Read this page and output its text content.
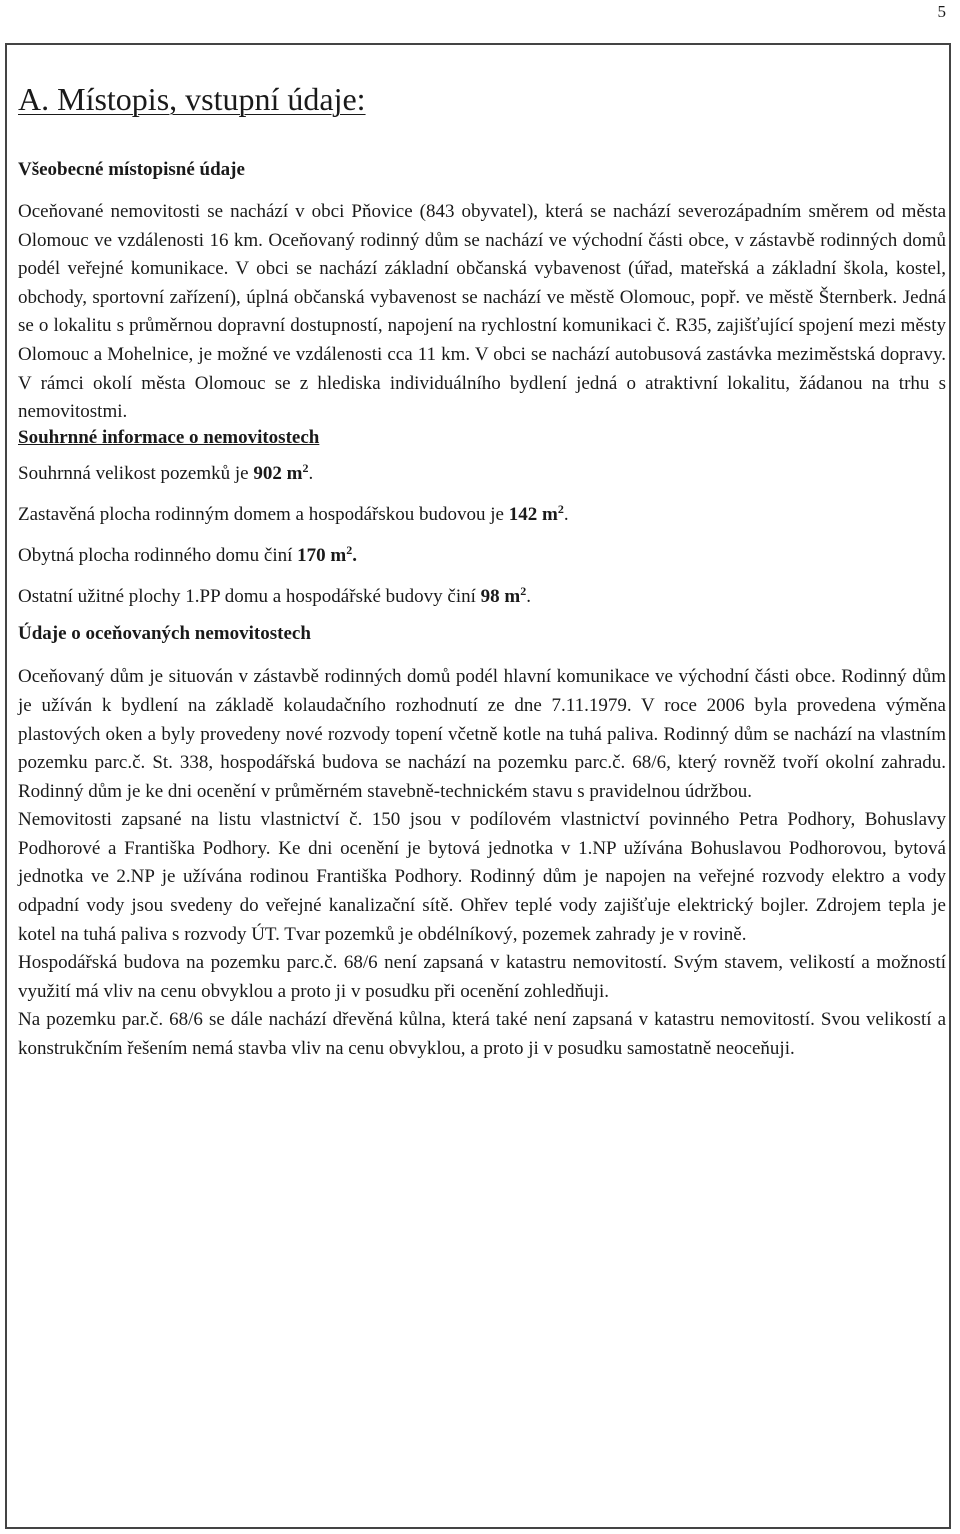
5
A. Místopis, vstupní údaje:
Všeobecné místopisné údaje

Oceňované nemovitosti se nachází v obci Pňovice (843 obyvatel), která se nachází severozápadním směrem od města Olomouc ve vzdálenosti 16 km. Oceňovaný rodinný dům se nachází ve východní části obce, v zástavbě rodinných domů podél veřejné komunikace. V obci se nachází základní občanská vybavenost (úřad, mateřská a základní škola, kostel, obchody, sportovní zařízení), úplná občanská vybavenost se nachází ve městě Olomouc, popř. ve městě Šternberk. Jedná se o lokalitu s průměrnou dopravní dostupností, napojení na rychlostní komunikaci č. R35, zajišťující spojení mezi městy Olomouc a Mohelnice, je možné ve vzdálenosti cca 11 km. V obci se nachází autobusová zastávka meziměstská dopravy. V rámci okolí města Olomouc se z hlediska individuálního bydlení jedná o atraktivní lokalitu, žádanou na trhu s nemovitostmi.

Souhrnné informace o nemovitostech
Souhrnná velikost pozemků je 902 $m^2$.
Zastavěná plocha rodinným domem a hospodářskou budovou je 142 $m^2$.
Obytná plocha rodinného domu činí 170 $m^2$.
Ostatní užitné plochy 1.PP domu a hospodářské budovy činí 98 $m^2$.
Údaje o oceňovaných nemovitostech

Oceňovaný dům je situován v zástavbě rodinných domů podél hlavní komunikace ve východní části obce. Rodinný dům je užíván k bydlení na základě kolaudačního rozhodnutí ze dne 7.11.1979. V roce 2006 byla provedena výměna plastových oken a byly provedeny nové rozvody topení včetně kotle na tuhá paliva. Rodinný dům se nachází na vlastním pozemku parc.č. St. 338, hospodářská budova se nachází na pozemku parc.č. 68/6, který rovněž tvoří okolní zahradu. Rodinný dům je ke dni ocenění v průměrném stavebně-technickém stavu s pravidelnou údržbou.

Nemovitosti zapsané na listu vlastnictví č. 150 jsou v podílovém vlastnictví povinného Petra Podhory, Bohuslavy Podhorové a Františka Podhory. Ke dni ocenění je bytová jednotka v 1.NP užívána Bohuslavou Podhorovou, bytová jednotka ve 2.NP je užívána rodinou Františka Podhory. Rodinný dům je napojen na veřejné rozvody elektro a vody odpadní vody jsou svedeny do veřejné kanalizační sítě. Ohřev teplé vody zajišťuje elektrický bojler. Zdrojem tepla je kotel na tuhá paliva s rozvody ÚT. Tvar pozemků je obdélníkový, pozemek zahrady je v rovině.

Hospodářská budova na pozemku parc.č. 68/6 není zapsaná v katastru nemovitostí. Svým stavem, velikostí a možností využití má vliv na cenu obvyklou a proto ji v posudku při ocenění zohledňuji.

Na pozemku par.č. 68/6 se dále nachází dřevěná kůlna, která také není zapsaná v katastru nemovitostí. Svou velikostí a konstrukčním řešením nemá stavba vliv na cenu obvyklou, a proto ji v posudku samostatně neoceňuji.
